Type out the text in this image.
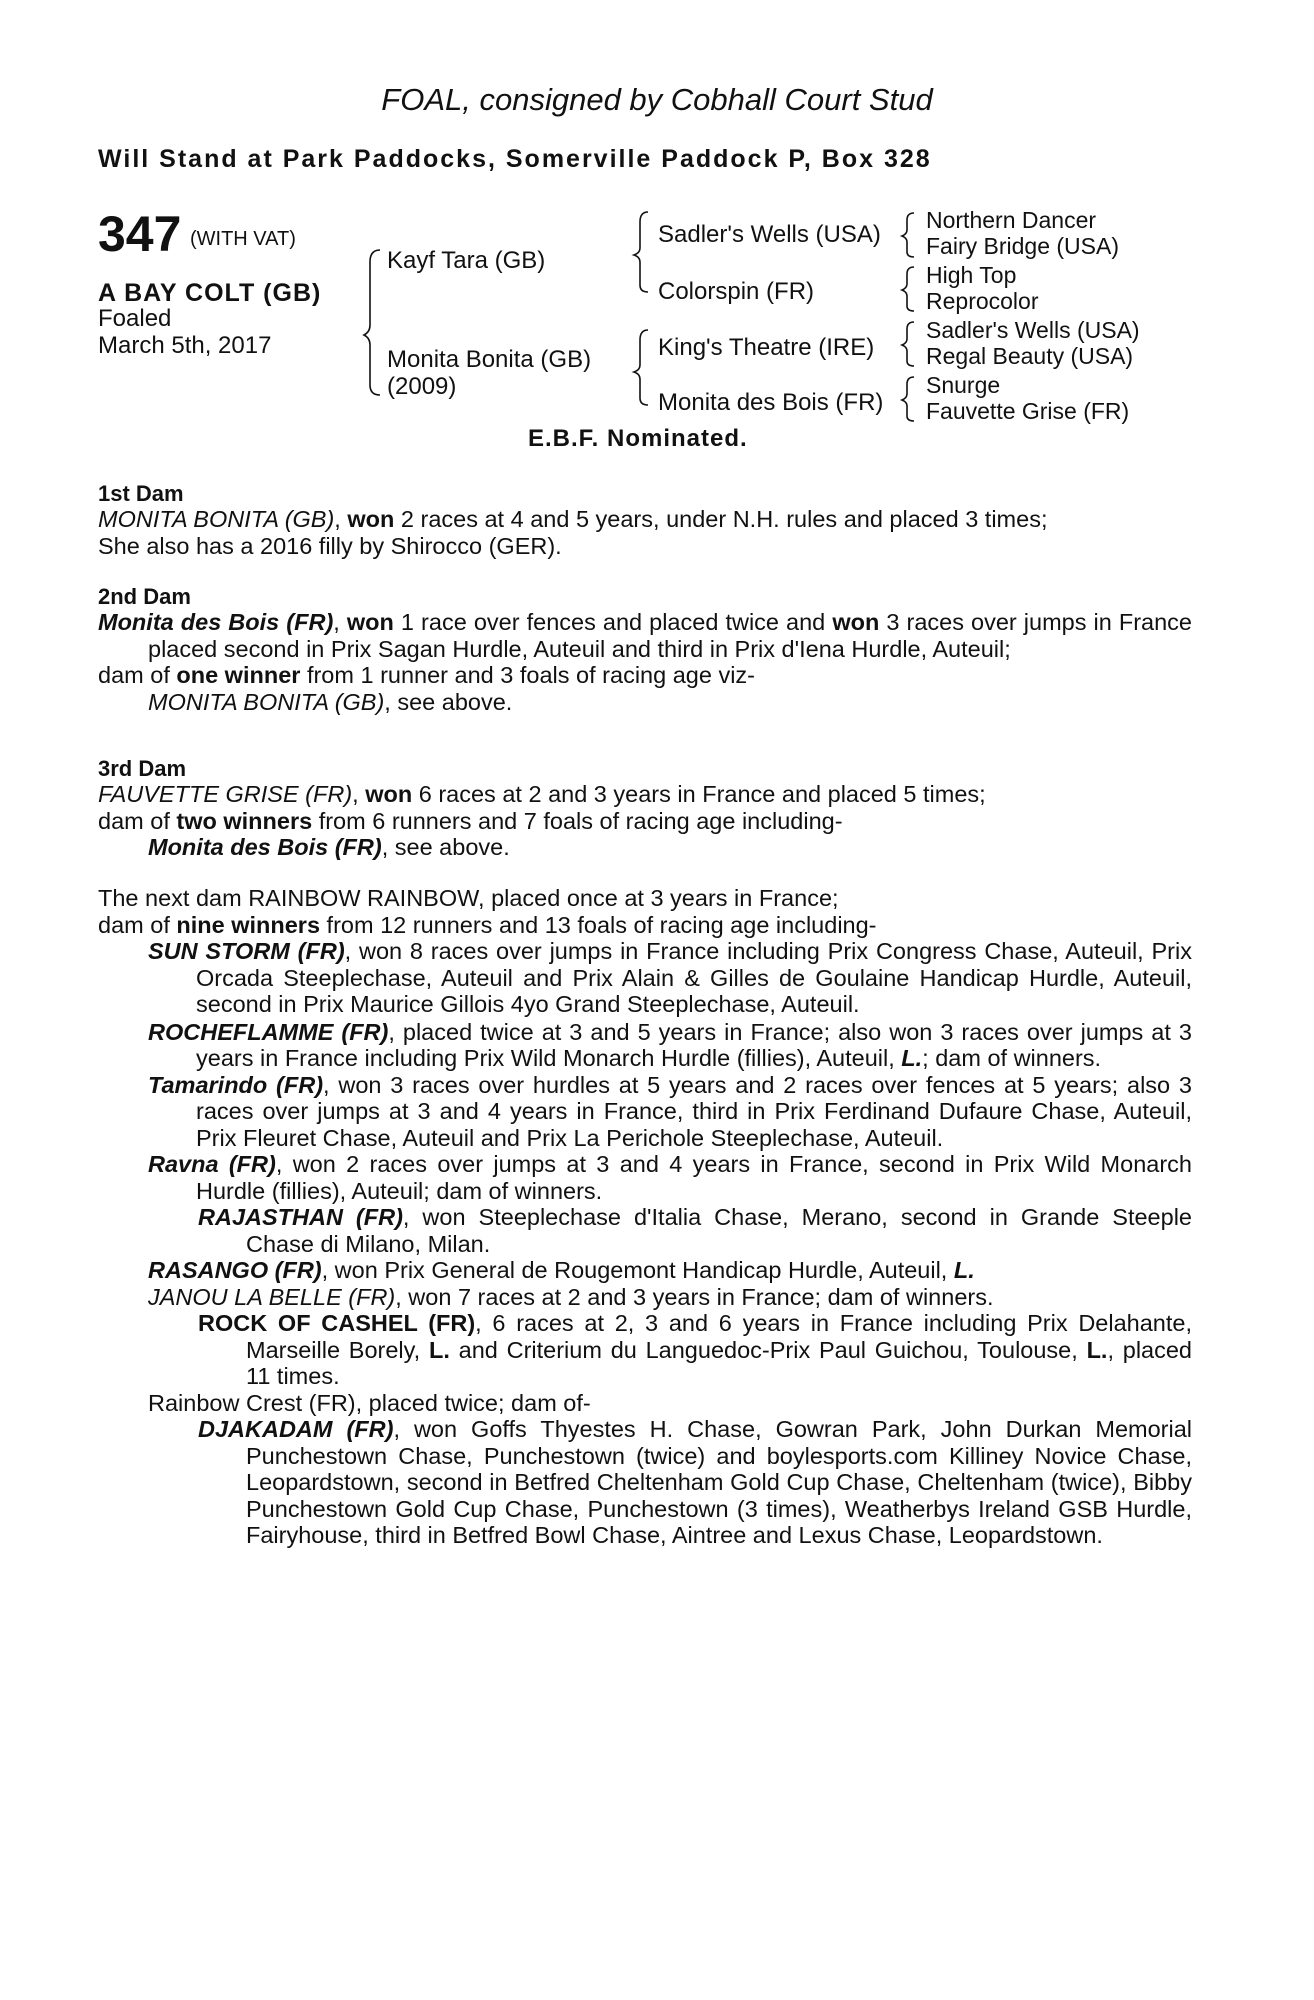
FOAL, consigned by Cobhall Court Stud
Will Stand at Park Paddocks, Somerville Paddock P, Box 328
347 (WITH VAT)
A BAY COLT (GB)
Foaled
March 5th, 2017
Kayf Tara (GB)
Monita Bonita (GB)
(2009)
Sadler's Wells (USA)
Colorspin (FR)
King's Theatre (IRE)
Monita des Bois (FR)
Northern Dancer
Fairy Bridge (USA)
High Top
Reprocolor
Sadler's Wells (USA)
Regal Beauty (USA)
Snurge
Fauvette Grise (FR)
E.B.F. Nominated.
1st Dam

MONITA BONITA (GB), won 2 races at 4 and 5 years, under N.H. rules and placed 3 times;

She also has a 2016 filly by Shirocco (GER).

2nd Dam

Monita des Bois (FR), won 1 race over fences and placed twice and won 3 races over jumps in France placed second in Prix Sagan Hurdle, Auteuil and third in Prix d'Iena Hurdle, Auteuil;

dam of one winner from 1 runner and 3 foals of racing age viz-

MONITA BONITA (GB), see above.

3rd Dam

FAUVETTE GRISE (FR), won 6 races at 2 and 3 years in France and placed 5 times;

dam of two winners from 6 runners and 7 foals of racing age including-

Monita des Bois (FR), see above.

The next dam RAINBOW RAINBOW, placed once at 3 years in France;

dam of nine winners from 12 runners and 13 foals of racing age including-

SUN STORM (FR), won 8 races over jumps in France including Prix Congress Chase, Auteuil, Prix Orcada Steeplechase, Auteuil and Prix Alain & Gilles de Goulaine Handicap Hurdle, Auteuil, second in Prix Maurice Gillois 4yo Grand Steeplechase, Auteuil.

ROCHEFLAMME (FR), placed twice at 3 and 5 years in France; also won 3 races over jumps at 3 years in France including Prix Wild Monarch Hurdle (fillies), Auteuil, L.; dam of winners.

Tamarindo (FR), won 3 races over hurdles at 5 years and 2 races over fences at 5 years; also 3 races over jumps at 3 and 4 years in France, third in Prix Ferdinand Dufaure Chase, Auteuil, Prix Fleuret Chase, Auteuil and Prix La Perichole Steeplechase, Auteuil.

Ravna (FR), won 2 races over jumps at 3 and 4 years in France, second in Prix Wild Monarch Hurdle (fillies), Auteuil; dam of winners.

RAJASTHAN (FR), won Steeplechase d'Italia Chase, Merano, second in Grande Steeple Chase di Milano, Milan.

RASANGO (FR), won Prix General de Rougemont Handicap Hurdle, Auteuil, L.

JANOU LA BELLE (FR), won 7 races at 2 and 3 years in France; dam of winners.

ROCK OF CASHEL (FR), 6 races at 2, 3 and 6 years in France including Prix Delahante, Marseille Borely, L. and Criterium du Languedoc-Prix Paul Guichou, Toulouse, L., placed 11 times.

Rainbow Crest (FR), placed twice; dam of-

DJAKADAM (FR), won Goffs Thyestes H. Chase, Gowran Park, John Durkan Memorial Punchestown Chase, Punchestown (twice) and boylesports.com Killiney Novice Chase, Leopardstown, second in Betfred Cheltenham Gold Cup Chase, Cheltenham (twice), Bibby Punchestown Gold Cup Chase, Punchestown (3 times), Weatherbys Ireland GSB Hurdle, Fairyhouse, third in Betfred Bowl Chase, Aintree and Lexus Chase, Leopardstown.
